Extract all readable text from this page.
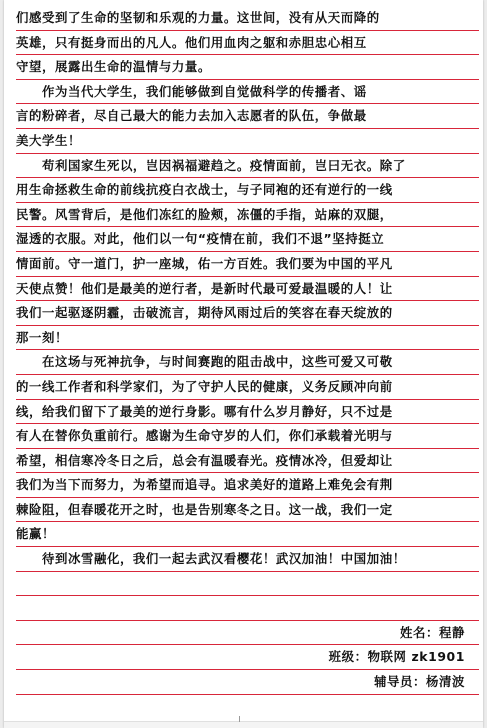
们感受到了生命的坚韧和乐观的力量。这世间，没有从天而降的
英雄，只有挺身而出的凡人。他们用血肉之躯和赤胆忠心相互
守望，展露出生命的温情与力量。
作为当代大学生，我们能够做到自觉做科学的传播者、谣
言的粉碎者，尽自己最大的能力去加入志愿者的队伍，争做最
美大学生！
苟利国家生死以，岂因祸福避趋之。疫情面前，岂曰无衣。除了
用生命拯救生命的前线抗疫白衣战士，与子同袍的还有逆行的一线
民警。风雪背后，是他们冻红的脸颊，冻僵的手指，站麻的双腿，
湿透的衣服。对此，他们以一句“疫情在前，我们不退”坚持挺立
情面前。守一道门，护一座城，佑一方百姓。我们要为中国的平凡
天使点赞！他们是最美的逆行者，是新时代最可爱最温暖的人！让
我们一起驱逐阴霾，击破流言，期待风雨过后的笑容在春天绽放的
那一刻！
在这场与死神抗争，与时间赛跑的阻击战中，这些可爱又可敬
的一线工作者和科学家们，为了守护人民的健康，义务反顾冲向前
线，给我们留下了最美的逆行身影。哪有什么岁月静好，只不过是
有人在替你负重前行。感谢为生命守岁的人们，你们承载着光明与
希望，相信寒冷冬日之后，总会有温暖春光。疫情冰冷，但爱却让
我们为当下而努力，为希望而追寻。追求美好的道路上难免会有荆
棘险阻，但春暖花开之时，也是告别寒冬之日。这一战，我们一定
能赢！
待到冰雪融化，我们一起去武汉看樱花！武汉加油！中国加油！
姓名：程静
班级：物联网 zk1901
辅导员：杨清波
